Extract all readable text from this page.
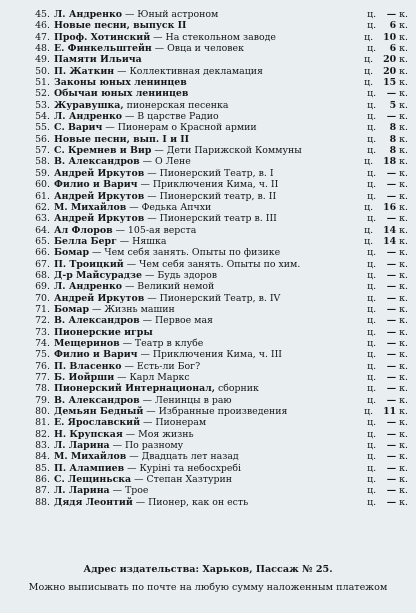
45. Л. Андренко — Юный астроном	ц. — к.
46. Новые песни, выпуск II	ц. 6 к.
47. Проф. Хотинский — На стекольном заводе	ц. 10 к.
48. Е. Финкельштейн — Овца и человек	ц. 6 к.
49. Памяти Ильича	ц. 20 к.
50. П. Жаткин — Коллективная декламация	ц. 20 к.
51. Законы юных ленинцев	ц. 15 к.
52. Обычаи юных ленинцев	ц. — к.
53. Журавушка, пионерская песенка	ц. 5 к.
54. Л. Андренко — В царстве Радио	ц. — к.
55. С. Варич — Пионерам о Красной армии	ц. 8 к.
56. Новые песни, вып. I и II	ц. 8 к.
57. С. Кремнев и Вир — Дети Парижской Коммуны	ц. 8 к.
58. В. Александров — О Лене	ц. 18 к.
59. Андрей Иркутов — Пионерский Театр, в. I	ц. — к.
60. Филио и Варич — Приключения Кима, ч. II	ц. — к.
61. Андрей Иркутов — Пионерский театр, в. II	ц. — к.
62. М. Михайлов — Федька Апчхи	ц. 16 к.
63. Андрей Иркутов — Пионерский театр в. III	ц. — к.
64. Ал Флоров — 105-ая верста	ц. 14 к.
65. Белла Берг — Няшка	ц. 14 к.
66. Бомар — Чем себя занять. Опыты по физике	ц. — к.
67. П. Троицкий — Чем себя занять. Опыты по хим.	ц. — к.
68. Д-р Майсурадзе — Будь здоров	ц. — к.
69. Л. Андренко — Великий немой	ц. — к.
70. Андрей Иркутов — Пионерский Театр, в. IV	ц. — к.
71. Бомар — Жизнь машин	ц. — к.
72. В. Александров — Первое мая	ц. — к.
73. Пионерские игры	ц. — к.
74. Мещеринов — Театр в клубе	ц. — к.
75. Филио и Варич — Приключения Кима, ч. III	ц. — к.
76. П. Власенко — Есть-ли Бог?	ц. — к.
77. Б. Иойрши — Карл Маркс	ц. — к.
78. Пионерский Интернационал, сборник	ц. — к.
79. В. Александров — Ленинцы в раю	ц. — к.
80. Демьян Бедный — Избранные произведения	ц. 11 к.
81. Е. Ярославский — Пионерам	ц. — к.
82. Н. Крупская — Моя жизнь	ц. — к.
83. Л. Ларина — По разному	ц. — к.
84. М. Михайлов — Двадцать лет назад	ц. — к.
85. П. Алампиев — Куріні та небосхребі	ц. — к.
86. С. Лещиньска — Степан Хазтурин	ц. — к.
87. Л. Ларина — Трое	ц. — к.
88. Дядя Леонтий — Пионер, как он есть	ц. — к.
Адрес издательства: Харьков, Пассаж № 25.
Можно выписывать по почте на любую сумму наложенным платежом
